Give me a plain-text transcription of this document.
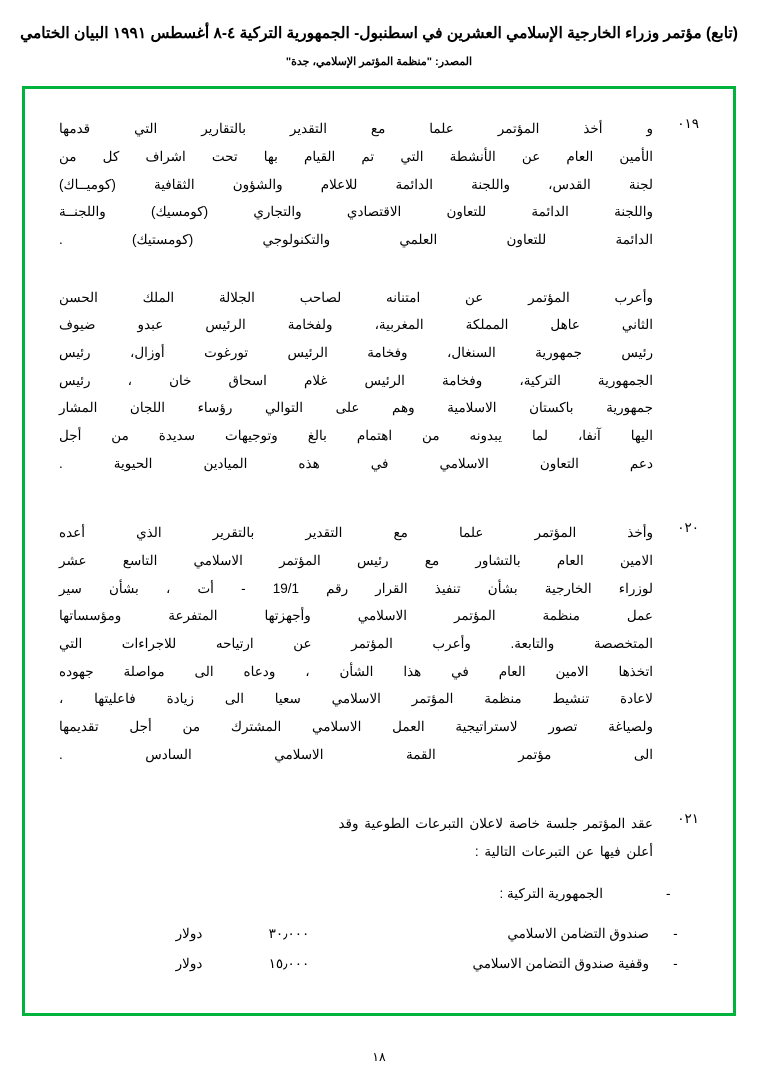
(تابع) مؤتمر وزراء الخارجية الإسلامي العشرين في اسطنبول- الجمهورية التركية ٤-٨ أغسطس ١٩٩١ البيان الختامي
المصدر: "منظمة المؤتمر الإسلامي، جدة"
٠١٩
و أخذ المؤتمر علما مع التقدير بالتقارير التي قدمها
الأمين العام عن الأنشطة التي تم القيام بها تحت اشراف كل من
لجنة القدس، واللجنة الدائمة للاعلام والشؤون الثقافية (كوميــاك)
واللجنة الدائمة للتعاون الاقتصادي والتجاري (كومسيك) واللجنــة
الدائمة للتعاون العلمي والتكنولوجي (كومستيك) .
وأعرب المؤتمر عن امتنانه لصاحب الجلالة الملك الحسن
الثاني عاهل المملكة المغربية، ولفخامة الرئيس عبدو ضيوف
رئيس جمهورية السنغال، وفخامة الرئيس تورغوت أوزال، رئيس
الجمهورية التركية، وفخامة الرئيس غلام اسحاق خان ، رئيس
جمهورية باكستان الاسلامية وهم على التوالي رؤساء اللجان المشار
اليها آنفا، لما يبدونه من اهتمام بالغ وتوجيهات سديدة من أجل
دعم التعاون الاسلامي في هذه الميادين الحيوية .
٠٢٠
وأخذ المؤتمر علما مع التقدير بالتقرير الذي أعده
الامين العام بالتشاور مع رئيس المؤتمر الاسلامي التاسع عشر
لوزراء الخارجية بشأن تنفيذ القرار رقم 19/1 - أت ، بشأن سير
عمل منظمة المؤتمر الاسلامي وأجهزتها المتفرعة ومؤسساتها
المتخصصة والتابعة. وأعرب المؤتمر عن ارتياحه للاجراءات التي
اتخذها الامين العام في هذا الشأن ، ودعاه الى مواصلة جهوده
لاعادة تنشيط منظمة المؤتمر الاسلامي سعيا الى زيادة فاعليتها ،
ولصياغة تصور لاستراتيجية العمل الاسلامي المشترك من أجل تقديمها
الى مؤتمر القمة الاسلامي السادس .
٠٢١
عقد المؤتمر جلسة خاصة لاعلان التبرعات الطوعية وقد
أعلن فيها عن التبرعات التالية :
-
الجمهورية التركية :
-
صندوق التضامن الاسلامي
٣٠٫٠٠٠
دولار
-
وقفية صندوق التضامن الاسلامي
١٥٫٠٠٠
دولار
١٨
